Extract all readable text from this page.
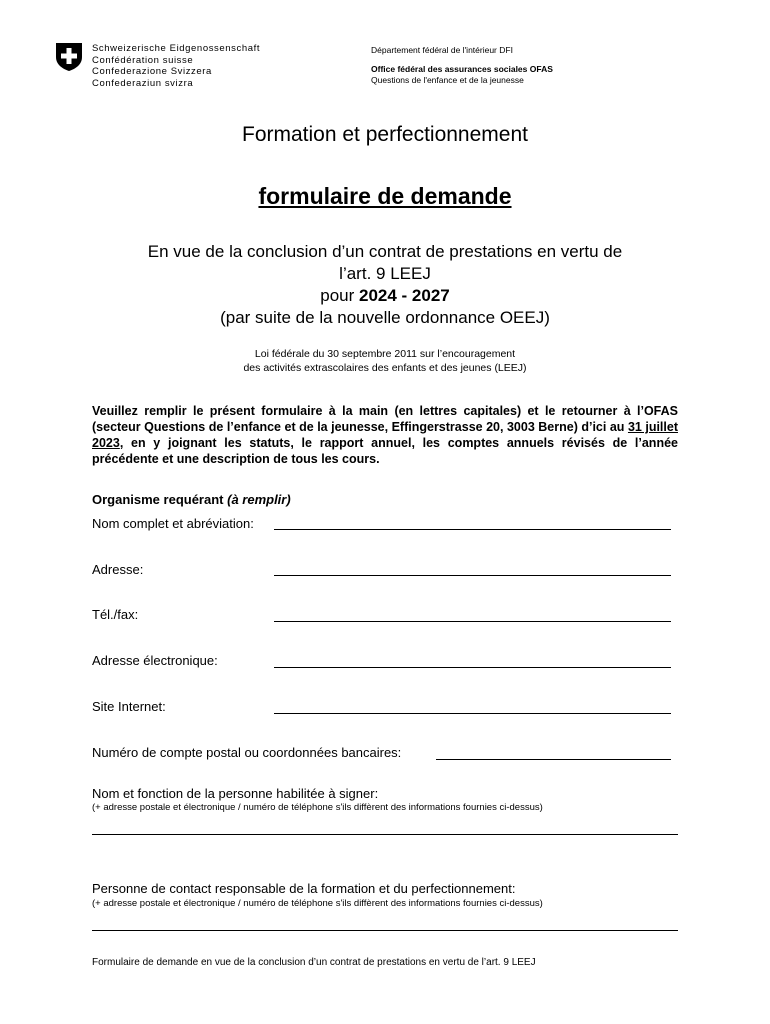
Schweizerische Eidgenossenschaft
Confédération suisse
Confederazione Svizzera
Confederaziun svizra
Département fédéral de l'intérieur DFI
Office fédéral des assurances sociales OFAS
Questions de l'enfance et de la jeunesse
Formation et perfectionnement
formulaire de demande
En vue de la conclusion d’un contrat de prestations en vertu de
l’art. 9 LEEJ
pour 2024 - 2027
(par suite de la nouvelle ordonnance OEEJ)
Loi fédérale du 30 septembre 2011 sur l’encouragement
des activités extrascolaires des enfants et des jeunes (LEEJ)
Veuillez remplir le présent formulaire à la main (en lettres capitales) et le retourner à l’OFAS (secteur Questions de l’enfance et de la jeunesse, Effingerstrasse 20, 3003 Berne) d’ici au 31 juillet 2023, en y joignant les statuts, le rapport annuel, les comptes annuels révisés de l’année précédente et une description de tous les cours.
Organisme requérant (à remplir)
Nom complet et abréviation:
Adresse:
Tél./fax:
Adresse électronique:
Site Internet:
Numéro de compte postal ou coordonnées bancaires:
Nom et fonction de la personne habilitée à signer:
(+ adresse postale et électronique / numéro de téléphone s'ils diffèrent des informations fournies ci-dessus)
Personne de contact responsable de la formation et du perfectionnement:
(+ adresse postale et électronique / numéro de téléphone s'ils diffèrent des informations fournies ci-dessus)
Formulaire de demande en vue de la conclusion d’un contrat de prestations en vertu de l’art. 9 LEEJ
